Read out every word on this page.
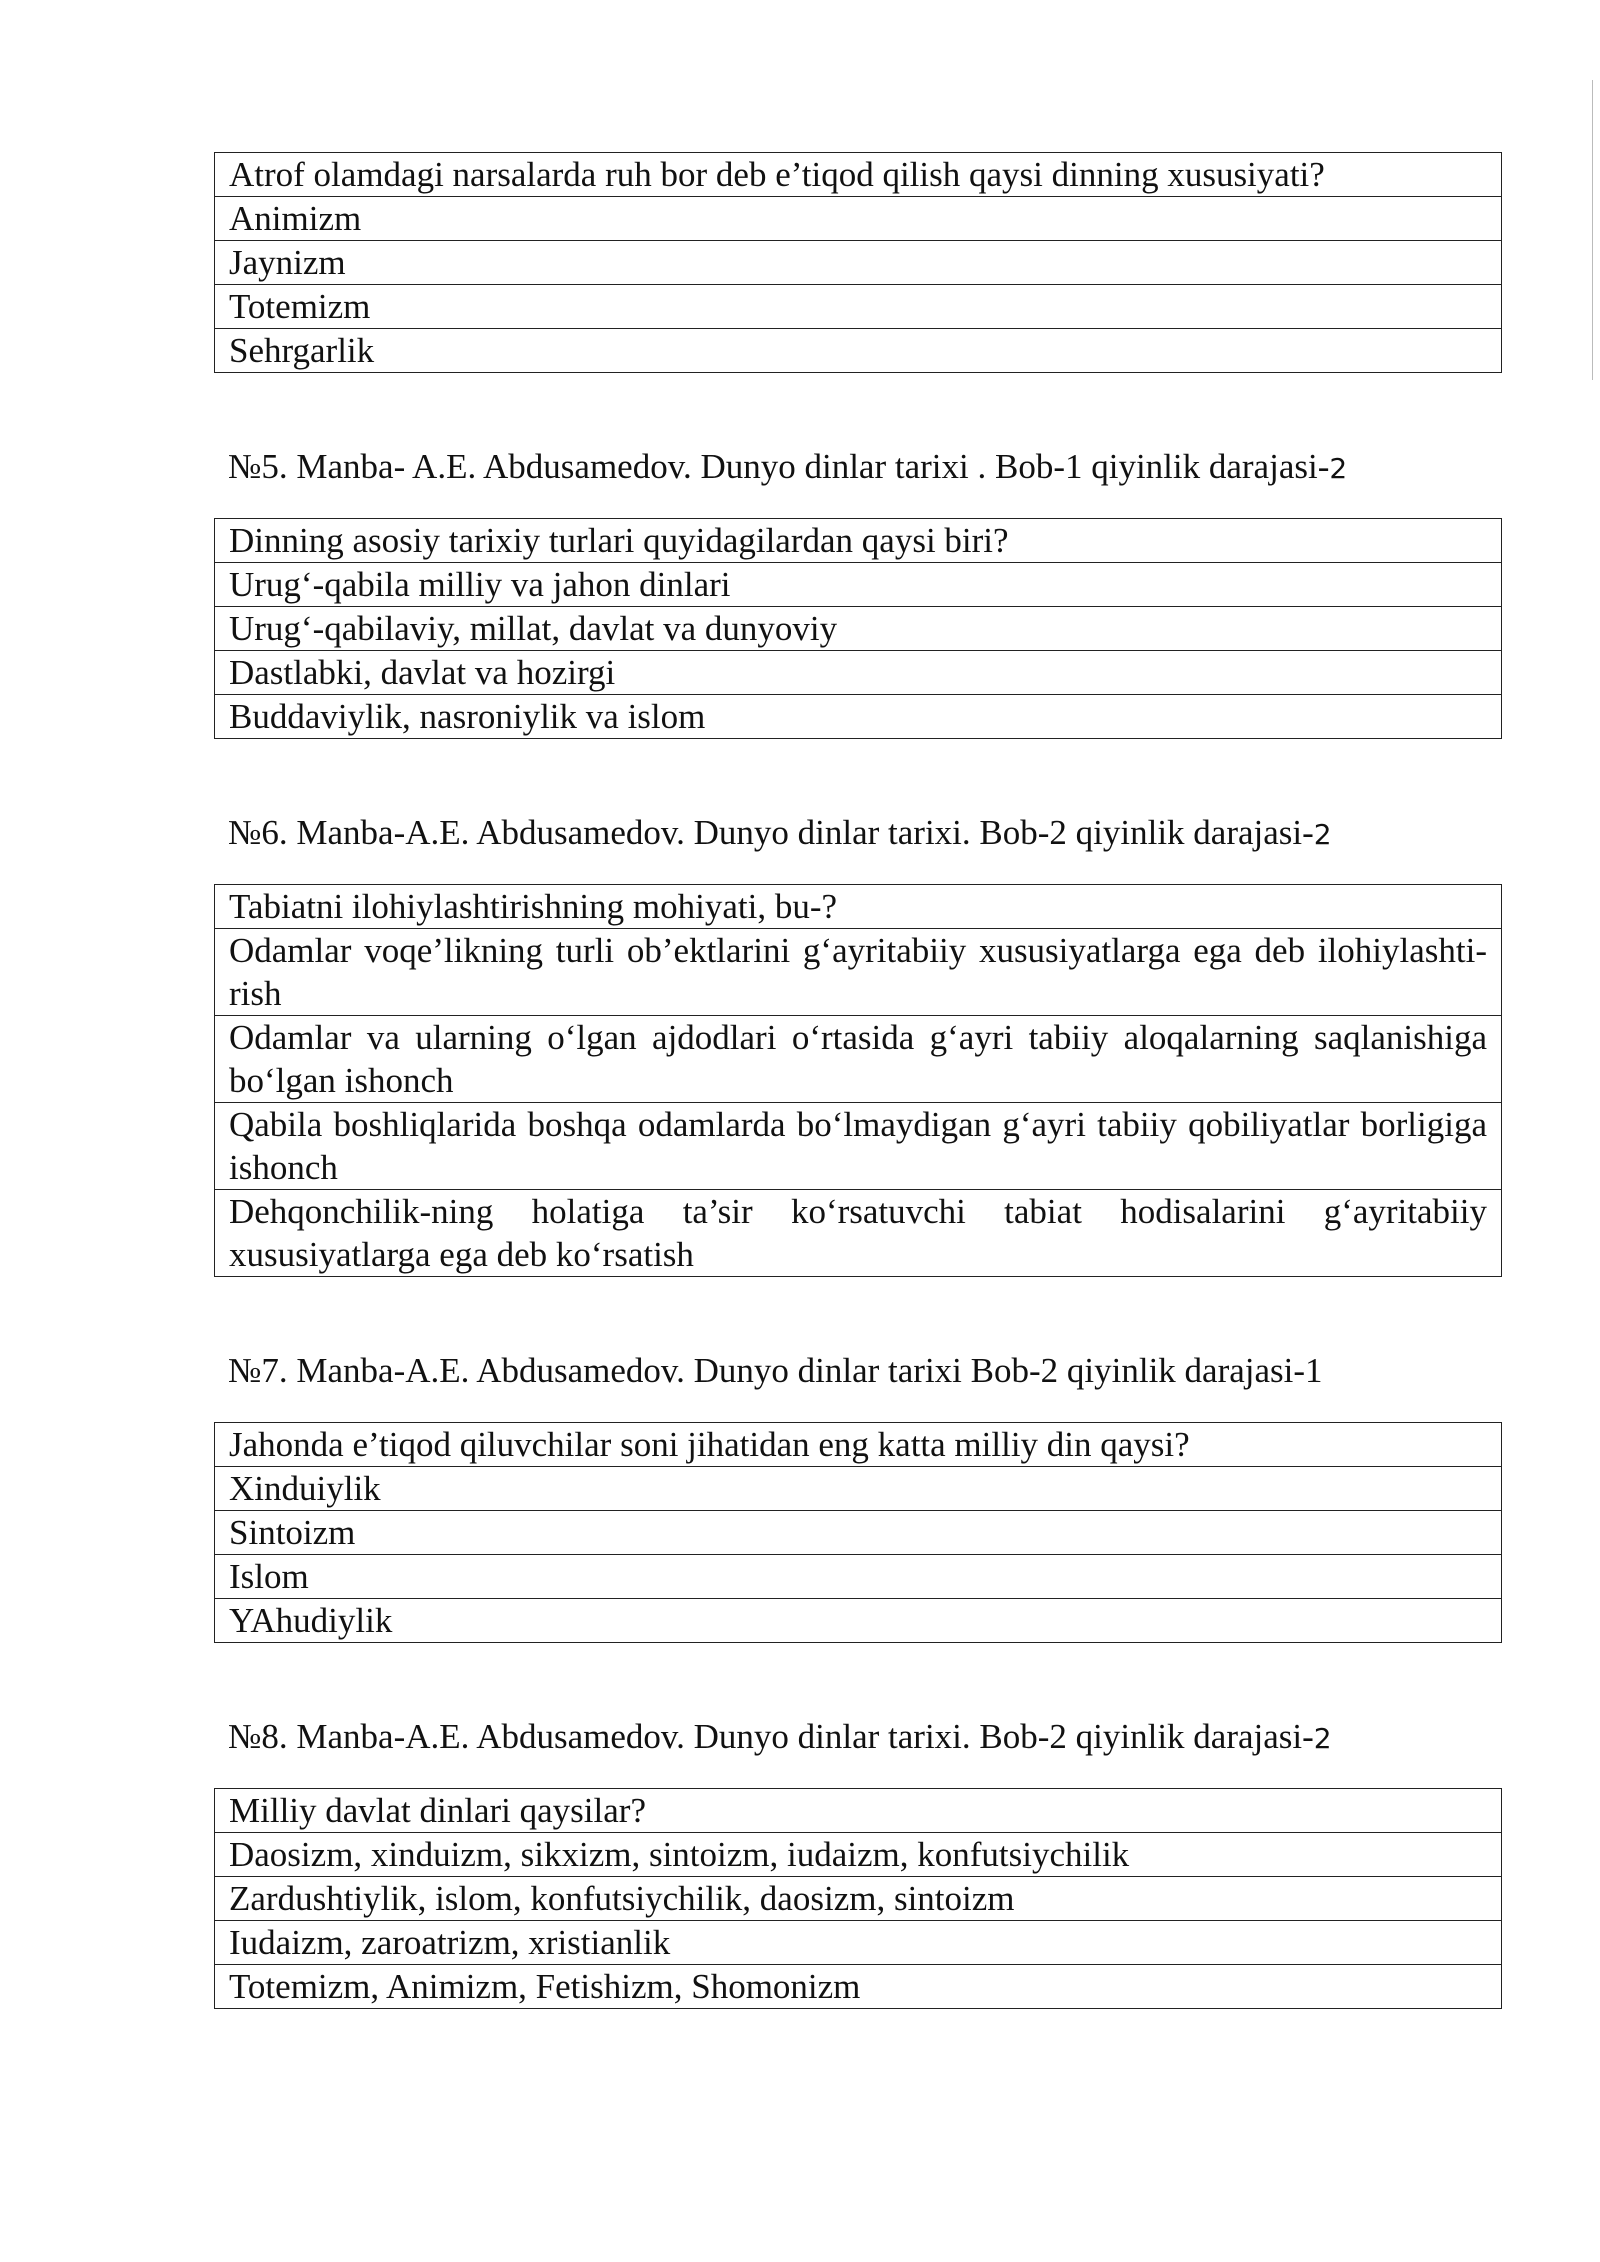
Atrof olamdagi narsalarda ruh bor deb e’tiqod qilish qaysi dinning xususiyati?
Animizm
Jaynizm
Totemizm
Sehrgarlik
№5. Manba- A.E. Abdusamedov. Dunyo dinlar tarixi . Bob-1 qiyinlik darajasi-2
Dinning asosiy tarixiy turlari quyidagilardan qaysi biri?
Urug‘-qabila milliy va jahon dinlari
Urug‘-qabilaviy, millat, davlat va dunyoviy
Dastlabki, davlat va hozirgi
Buddaviylik, nasroniylik va islom
№6. Manba-A.E. Abdusamedov. Dunyo dinlar tarixi. Bob-2 qiyinlik darajasi-2
Tabiatni ilohiylashtirishning mohiyati, bu-?
Odamlar voqe’likning turli ob’ektlarini g‘ayritabiiy xususiyatlarga ega deb ilohiylashti-rish
Odamlar va ularning o‘lgan ajdodlari o‘rtasida g‘ayri tabiiy aloqalarning saqlanishiga bo‘lgan ishonch
Qabila boshliqlarida boshqa odamlarda bo‘lmaydigan g‘ayri tabiiy qobiliyatlar borligiga ishonch
Dehqonchilik-ning holatiga ta’sir ko‘rsatuvchi tabiat hodisalarini g‘ayritabiiy xususiyatlarga ega deb ko‘rsatish
№7. Manba-A.E. Abdusamedov. Dunyo dinlar tarixi Bob-2 qiyinlik darajasi-1
Jahonda e’tiqod qiluvchilar soni jihatidan eng katta milliy din qaysi?
Xinduiylik
Sintoizm
Islom
YAhudiylik
№8. Manba-A.E. Abdusamedov. Dunyo dinlar tarixi. Bob-2 qiyinlik darajasi-2
Milliy davlat dinlari qaysilar?
Daosizm, xinduizm, sikxizm, sintoizm, iudaizm, konfutsiychilik
Zardushtiylik, islom, konfutsiychilik, daosizm, sintoizm
Iudaizm, zaroatrizm, xristianlik
Totemizm, Animizm, Fetishizm, Shomonizm
